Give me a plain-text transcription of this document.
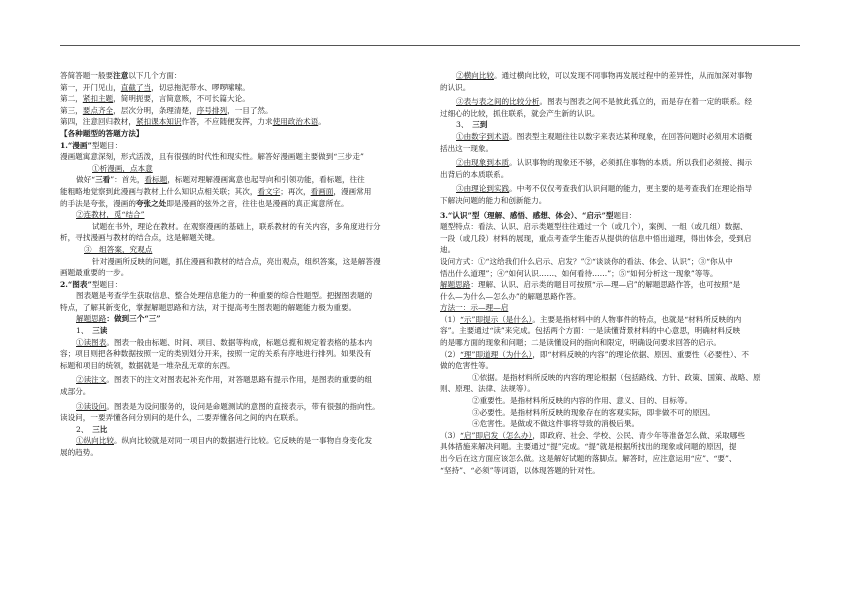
答简答题一般要注意以下几个方面：

第一，开门见山，直截了当，切忌拖泥带水、啰啰嗦嗦。

第二，紧扣主题，简明扼要，言简意赅，不可长篇大论。

第三，要点齐全，层次分明，条理清楚，序号排列，一目了然。

第四，注意回归教材，紧扣课本知识作答，不应随便发挥，力求使用政治术语。

【各种题型的答题方法】

1.“漫画”型题目：

漫画题寓意深刻，形式活泼，且有很强的时代性和现实性。解答好漫画题主要做到“三步走”

①析漫画，点本意

做好“三看”：首先，看标题，标题对理解漫画寓意也起导向和引领功能，看标题，往往

能粗略地觉察到此漫画与教材上什么知识点相关联；其次，看文字；再次，看画面，漫画常用

的手法是夸张，漫画的夸张之处即是漫画的弦外之音，往往也是漫画的真正寓意所在。

②连教材，觅“结合”

试题在书外，理论在教材。在观察漫画的基础上，联系教材的有关内容，多角度进行分

析，寻找漫画与教材的结合点，这是解题关键。

③　组答案，究观点

针对漫画所反映的问题，抓住漫画和教材的结合点，亮出观点，组织答案，这是解答漫

画题最重要的一步。

2.“图表”型题目：

图表题是考查学生获取信息、整合处理信息能力的一种重要的综合性题型。把握图表题的

特点，了解其新变化，掌握解题思路和方法，对于提高考生图表题的解题能力极为重要。

解题思路：做到三个“三”

1、　三读

①读图表。图表一般由标题、时间、项目、数据等构成，标题总揽和规定着表格的基本内

容；项目则把各种数据按照一定的类别划分开来，按照一定的关系有序地进行排列。如果没有

标题和项目的统领，数据就是一堆杂乱无章的东西。

②读注文。图表下的注文对图表起补充作用，对答题思路有提示作用，是图表的重要的组

成部分。

③读设问。图表是为设问服务的，设问是命题测试的意图的直接表示，带有很强的指向性。

读设问，一要弄懂各问分别问的是什么，二要弄懂各问之间的内在联系。

2、　三比

①纵向比较。纵向比较就是对同一项目内的数据进行比较。它反映的是一事物自身变化发

展的趋势。

②横向比较。通过横向比较，可以发现不同事物再发展过程中的差异性，从而加深对事物

的认识。

③表与表之间的比较分析。图表与图表之间不是彼此孤立的，而是存在着一定的联系。经

过细心的比较，抓住联系，就会产生新的认识。

3、　三到

①由数字到术语。图表型主观题往往以数字来表达某种现象，在回答问题时必须用术语概

括出这一现象。

②由现象到本质。认识事物的现象还不够，必须抓住事物的本质。所以我们必须接、揭示

出背后的本质联系。

③由理论到实践。中考不仅仅考查我们认识问题的能力，更主要的是考查我们在理论指导

下解决问题的能力和创新能力。

3.“认识”型（理解、感悟、感想、体会）、“启示”型题目：

题型特点：看法、认识、启示类题型往往通过一个（或几个），案例、一组（或几组）数据、

一段（或几段）材料的展现，重点考查学生能否从提供的信息中悟出道理，得出体会，受到启

迪。

设问方式：①“这给我们什么启示、启发？”②“谈谈你的看法、体会、认识”；③“你从中

悟出什么道理”；④“如何认识……、如何看待……”；⑤“如何分析这一现象”等等。

解题思路：理解、认识、启示类的题目可按照“示—理—启”的解题思路作答，也可按照“是

什么—为什么—怎么办”的解题思路作答。

方法一：示—理—启

（1）“示”即提示（是什么）。主要是指材料中的人物事件的特点，也就是“材料所反映的内

容”。主要通过“读”来完成。包括两个方面：一是读懂背景材料的中心意思，明确材料反映

的是哪方面的现象和问题；二是读懂设问的指向和限定，明确设问要求回答的启示。

（2）“理”即道理（为什么），即“材料反映的内容”的理论依据、原因、重要性（必要性）、不

做的危害性等。

①依据。是指材料所反映的内容的理论根据（包括路线、方针、政策、国策、战略、原

则、原理、法律、法规等）。

②重要性。是指材料所反映的内容的作用、意义、目的、目标等。

③必要性。是指材料所反映的现象存在的客观实际，即非做不可的原因。

④危害性。是做或不做这件事将导致的消极后果。

（3）“启”即启发（怎么办），即政府、社会、学校、公民、青少年等准备怎么做、采取哪些

具体措施来解决问题。主要通过“提”完成。“提”就是根据所找出的现象或问题的原因，提

出今后在这方面应该怎么做。这是解好试题的落脚点。解答时，应注意运用“应”、“要”、

“坚持”、“必须”等词语，以体现答题的针对性。
